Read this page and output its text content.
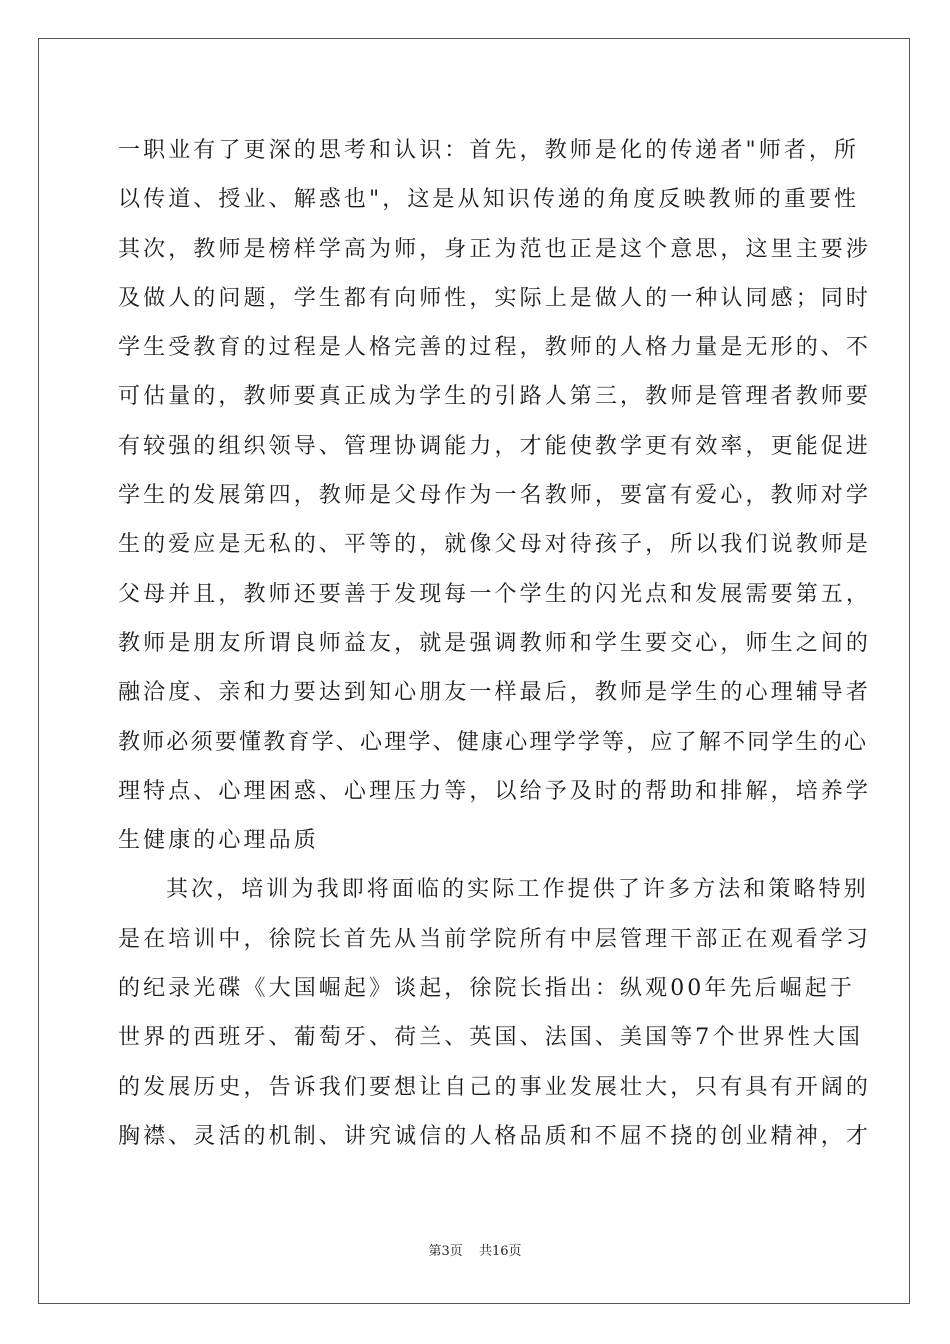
一职业有了更深的思考和认识：首先，教师是化的传递者"师者，所
以传道、授业、解惑也"，这是从知识传递的角度反映教师的重要性
其次，教师是榜样学高为师，身正为范也正是这个意思，这里主要涉
及做人的问题，学生都有向师性，实际上是做人的一种认同感；同时
学生受教育的过程是人格完善的过程，教师的人格力量是无形的、不
可估量的，教师要真正成为学生的引路人第三，教师是管理者教师要
有较强的组织领导、管理协调能力，才能使教学更有效率，更能促进
学生的发展第四，教师是父母作为一名教师，要富有爱心，教师对学
生的爱应是无私的、平等的，就像父母对待孩子，所以我们说教师是
父母并且，教师还要善于发现每一个学生的闪光点和发展需要第五，
教师是朋友所谓良师益友，就是强调教师和学生要交心，师生之间的
融洽度、亲和力要达到知心朋友一样最后，教师是学生的心理辅导者
教师必须要懂教育学、心理学、健康心理学学等，应了解不同学生的心
理特点、心理困惑、心理压力等，以给予及时的帮助和排解，培养学
生健康的心理品质
其次，培训为我即将面临的实际工作提供了许多方法和策略特别
是在培训中，徐院长首先从当前学院所有中层管理干部正在观看学习
的纪录光碟《大国崛起》谈起，徐院长指出：纵观00年先后崛起于
世界的西班牙、葡萄牙、荷兰、英国、法国、美国等7个世界性大国
的发展历史，告诉我们要想让自己的事业发展壮大，只有具有开阔的
胸襟、灵活的机制、讲究诚信的人格品质和不屈不挠的创业精神，才
第3页 共16页
